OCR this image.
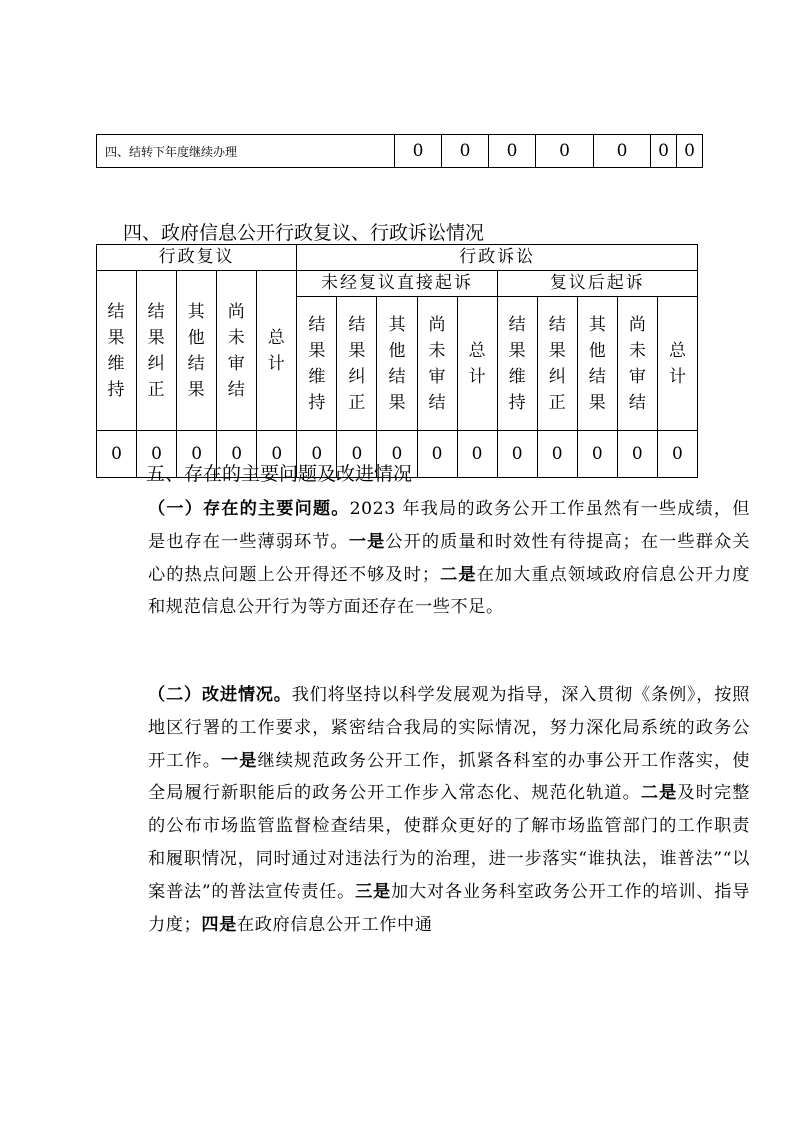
四、结转下年度继续办理	0	0	0	0	0	0	0
四、政府信息公开行政复议、行政诉讼情况
行政复议					行政诉讼									
结果维持	结果纠正	其他结果	尚未审结	总计	未经复议直接起诉					复议后起诉				
					结果维持	结果纠正	其他结果	尚未审结	总计	结果维持	结果纠正	其他结果	尚未审结	总计
0	0	0	0	0	0	0	0	0	0	0	0	0	0	0
五、存在的主要问题及改进情况
（一）存在的主要问题。2023 年我局的政务公开工作虽然有一些成绩，但是也存在一些薄弱环节。一是公开的质量和时效性有待提高；在一些群众关心的热点问题上公开得还不够及时；二是在加大重点领域政府信息公开力度和规范信息公开行为等方面还存在一些不足。
（二）改进情况。我们将坚持以科学发展观为指导，深入贯彻《条例》，按照地区行署的工作要求，紧密结合我局的实际情况，努力深化局系统的政务公开工作。一是继续规范政务公开工作，抓紧各科室的办事公开工作落实，使全局履行新职能后的政务公开工作步入常态化、规范化轨道。二是及时完整的公布市场监管监督检查结果，使群众更好的了解市场监管部门的工作职责和履职情况，同时通过对违法行为的治理，进一步落实“谁执法，谁普法”“以案普法”的普法宣传责任。三是加大对各业务科室政务公开工作的培训、指导力度；四是在政府信息公开工作中通
